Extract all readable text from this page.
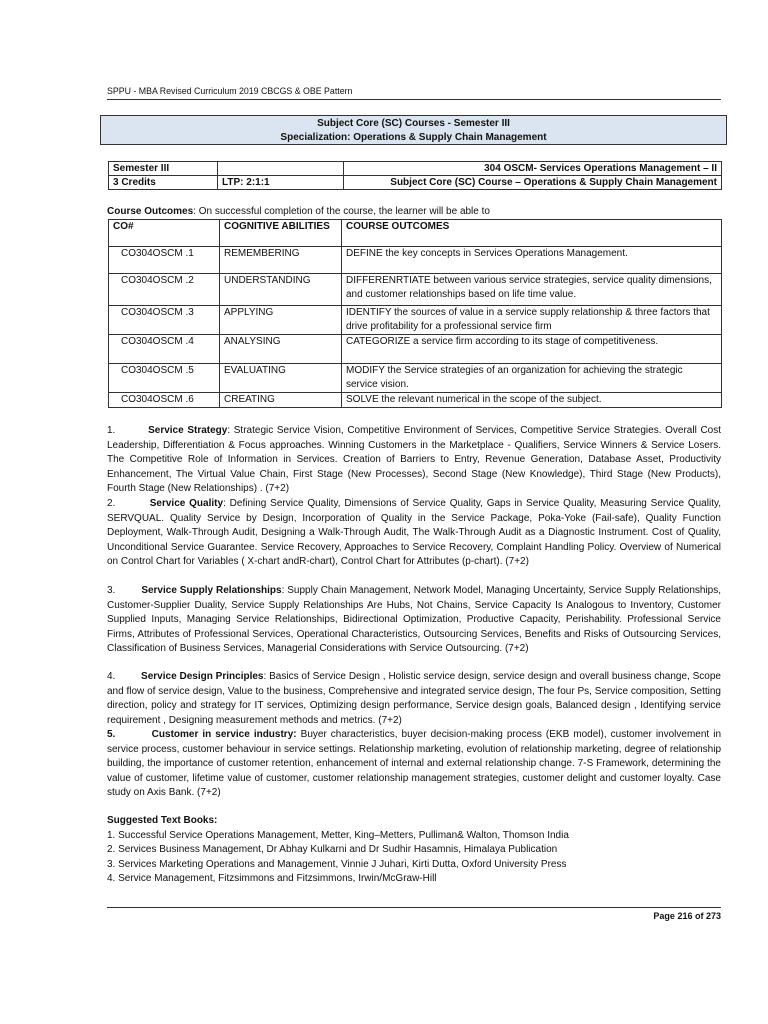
SPPU - MBA Revised Curriculum 2019 CBCGS & OBE Pattern
Subject Core (SC) Courses - Semester III
Specialization: Operations & Supply Chain Management
Semester III		304 OSCM- Services Operations Management – II
3 Credits	LTP: 2:1:1	Subject Core (SC) Course – Operations & Supply Chain Management
Course Outcomes: On successful completion of the course, the learner will be able to
CO#	COGNITIVE ABILITIES	COURSE OUTCOMES
CO304OSCM .1	REMEMBERING	DEFINE the key concepts in Services Operations Management.
CO304OSCM .2	UNDERSTANDING	DIFFERENRTIATE between various service strategies, service quality dimensions, and customer relationships based on life time value.
CO304OSCM .3	APPLYING	IDENTIFY the sources of value in a service supply relationship & three factors that drive profitability for a professional service firm
CO304OSCM .4	ANALYSING	CATEGORIZE a service firm according to its stage of competitiveness.
CO304OSCM .5	EVALUATING	MODIFY the Service strategies of an organization for achieving the strategic service vision.
CO304OSCM .6	CREATING	SOLVE the relevant numerical in the scope of the subject.
1.	Service Strategy: Strategic Service Vision, Competitive Environment of Services, Competitive Service Strategies. Overall Cost Leadership, Differentiation & Focus approaches. Winning Customers in the Marketplace - Qualifiers, Service Winners & Service Losers. The Competitive Role of Information in Services. Creation of Barriers to Entry, Revenue Generation, Database Asset, Productivity Enhancement, The Virtual Value Chain, First Stage (New Processes), Second Stage (New Knowledge), Third Stage (New Products), Fourth Stage (New Relationships) . (7+2)
2.	Service Quality: Defining Service Quality, Dimensions of Service Quality, Gaps in Service Quality, Measuring Service Quality, SERVQUAL. Quality Service by Design, Incorporation of Quality in the Service Package, Poka-Yoke (Fail-safe), Quality Function Deployment, Walk-Through Audit, Designing a Walk-Through Audit, The Walk-Through Audit as a Diagnostic Instrument. Cost of Quality, Unconditional Service Guarantee. Service Recovery, Approaches to Service Recovery, Complaint Handling Policy. Overview of Numerical on Control Chart for Variables ( X-chart andR-chart), Control Chart for Attributes (p-chart). (7+2)
3.	Service Supply Relationships: Supply Chain Management, Network Model, Managing Uncertainty, Service Supply Relationships, Customer-Supplier Duality, Service Supply Relationships Are Hubs, Not Chains, Service Capacity Is Analogous to Inventory, Customer Supplied Inputs, Managing Service Relationships, Bidirectional Optimization, Productive Capacity, Perishability. Professional Service Firms, Attributes of Professional Services, Operational Characteristics, Outsourcing Services, Benefits and Risks of Outsourcing Services, Classification of Business Services, Managerial Considerations with Service Outsourcing. (7+2)
4.	Service Design Principles: Basics of Service Design , Holistic service design, service design and overall business change, Scope and flow of service design, Value to the business, Comprehensive and integrated service design, The four Ps, Service composition, Setting direction, policy and strategy for IT services, Optimizing design performance, Service design goals, Balanced design , Identifying service requirement , Designing measurement methods and metrics. (7+2)
5.	Customer in service industry: Buyer characteristics, buyer decision-making process (EKB model), customer involvement in service process, customer behaviour in service settings. Relationship marketing, evolution of relationship marketing, degree of relationship building, the importance of customer retention, enhancement of internal and external relationship change. 7-S Framework, determining the value of customer, lifetime value of customer, customer relationship management strategies, customer delight and customer loyalty. Case study on Axis Bank. (7+2)
Suggested Text Books:
1. Successful Service Operations Management, Metter, King–Metters, Pulliman& Walton, Thomson India
2. Services Business Management, Dr Abhay Kulkarni and Dr Sudhir Hasamnis, Himalaya Publication
3. Services Marketing Operations and Management, Vinnie J Juhari, Kirti Dutta, Oxford University Press
4. Service Management, Fitzsimmons and Fitzsimmons, Irwin/McGraw-Hill
Page 216 of 273
